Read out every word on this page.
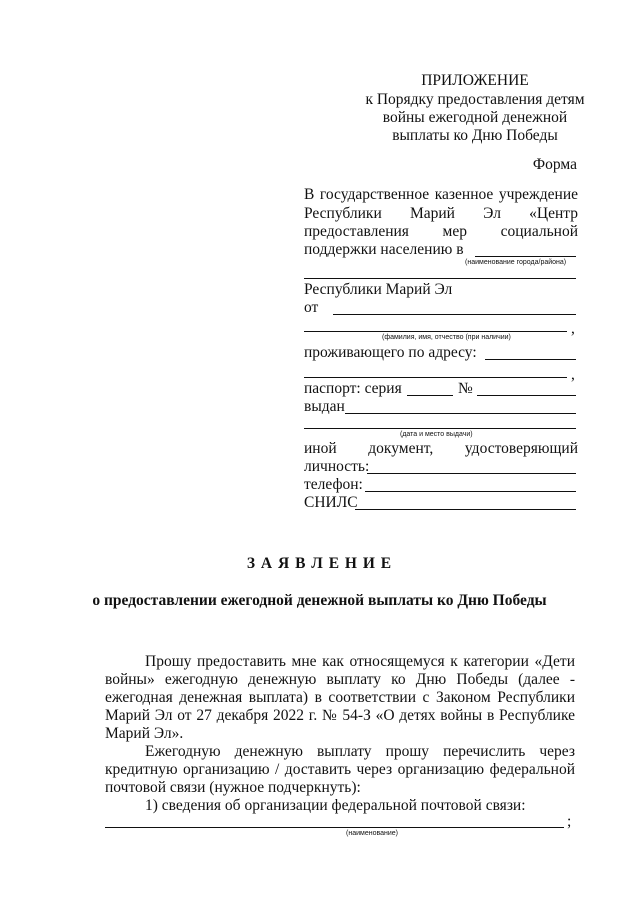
ПРИЛОЖЕНИЕ
к Порядку предоставления детям
войны ежегодной денежной
выплаты ко Дню Победы
Форма
В государственное казенное учреждение
Республики Марий Эл «Центр
предоставления мер социальной
поддержки населению в
(наименование города/района)
Республики Марий Эл
от
,
(фамилия, имя, отчество (при наличии)
проживающего по адресу:
,
паспорт: серия	№
выдан
(дата и место выдачи)
иной документ, удостоверяющий
личность:
телефон:
СНИЛС
З А Я В Л Е Н И Е
о предоставлении ежегодной денежной выплаты ко Дню Победы
Прошу предоставить мне как относящемуся к категории «Дети
войны» ежегодную денежную выплату ко Дню Победы (далее -
ежегодная денежная выплата) в соответствии с Законом Республики
Марий Эл от 27 декабря 2022 г. № 54-З «О детях войны в Республике
Марий Эл».
Ежегодную денежную выплату прошу перечислить через
кредитную организацию / доставить через организацию федеральной
почтовой связи (нужное подчеркнуть):
1) сведения об организации федеральной почтовой связи:
;
(наименование)
